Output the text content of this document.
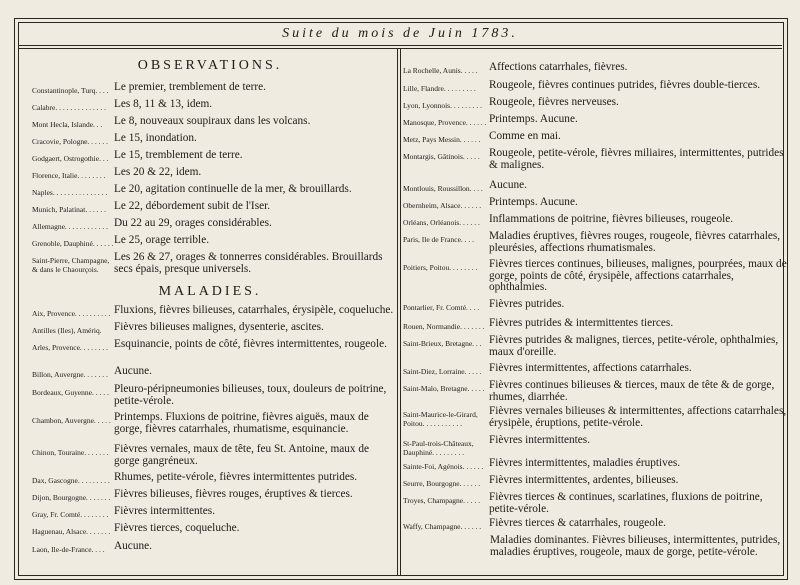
Suite du mois de Juin 1783.
OBSERVATIONS.
Constantinople, Turq. . . . Le premier, tremblement de terre.
Calabre. . . . . . . . . . . . . . Les 8, 11 & 13, idem.
Mont Hecla, Islande. . .	Le 8, nouveaux soupiraux dans les volcans.
Cracovie, Pologne. . . . . . Le 15, inondation.
Godgaert, Ostrogothie. . . Le 15, tremblement de terre.
Florence, Italie. . . . . . . . Les 20 & 22, idem.
Naples. . . . . . . . . . . . . . . Le 20, agitation continuelle de la mer, & brouillards.
Munich, Palatinat. . . . . . Le 22, débordement subit de l'Iser.
Allemagne. . . . . . . . . . . . Du 22 au 29, orages considérables.
Grenoble, Dauphiné. . . . . . Le 25, orage terrible.
Saint-Pierre, Champagne, & dans le Chaourçois.
Les 26 & 27, orages & tonnerres considérables. Brouillards secs épais, presque universels.
MALADIES.
Aix, Provence. . . . . . . . . . Fluxions, fièvres bilieuses, catarrhales, érysipèle, coqueluche.
Antilles (Iles), Amériq.	Fièvres bilieuses malignes, dysenterie, ascites.
Arles, Provence. . . . . . . . Esquinancie, points de côté, fièvres intermittentes, rougeole.
Billon, Auvergne. . . . . . . Aucune.
Bordeaux, Guyenne. . . . . Pleuro-péripneumonies bilieuses, toux, douleurs de poitrine, petite-vérole.
Chambon, Auvergne. . . . . Printemps. Fluxions de poitrine, fièvres aiguës, maux de gorge, fièvres catarrhales, rhumatisme, esquinancie.
Chinon, Touraine. . . . . . . Fièvres vernales, maux de tête, feu St. Antoine, maux de gorge gangréneux.
Dax, Gascogne. . . . . . . . . Rhumes, petite-vérole, fièvres intermittentes putrides.
Dijon, Bourgogne. . . . . . . Fièvres bilieuses, fièvres rouges, éruptives & tierces.
Gray, Fr. Comté. . . . . . . . Fièvres intermittentes.
Haguenau, Alsace. . . . . . . Fièvres tierces, coqueluche.
Laon, Ile-de-France. . . . Aucune.
La Rochelle, Aunis. . . . .	Affections catarrhales, fièvres.
Lille, Flandre. . . . . . . . .	Rougeole, fièvres continues putrides, fièvres double-tierces.
Lyon, Lyonnois. . . . . . . . . Rougeole, fièvres nerveuses.
Manosque, Provence. . . . . . Printemps. Aucune.
Metz, Pays Messin. . . . . . Comme en mai.
Montargis, Gâtinois. . . . . Rougeole, petite-vérole, fièvres miliaires, intermittentes, putrides & malignes.
Montlouis, Roussillon. . . . Aucune.
Obernheim, Alsace. . . . . . Printemps. Aucune.
Orléans, Orléanois. . . . . . Inflammations de poitrine, fièvres bilieuses, rougeole.
Paris, Ile de France. . . .	Maladies éruptives, fièvres rouges, rougeole, fièvres catarrhales, pleurésies, affections rhumatismales.
Poitiers, Poitou. . . . . . . .	Fièvres tierces continues, bilieuses, malignes, pourprées, maux de gorge, points de côté, érysipèle, affections catarrhales, ophthalmies.
Pontarlier, Fr. Comté. . . . Fièvres putrides.
Rouen, Normandie. . . . . . . Fièvres putrides & intermittentes tierces.
Saint-Brieux, Bretagne. . . Fièvres putrides & malignes, tierces, petite-vérole, ophthalmies, maux d'oreille.
Saint-Diez, Lorraine. . . . . Fièvres intermittentes, affections catarrhales.
Saint-Malo, Bretagne. . . . . Fièvres continues bilieuses & tierces, maux de tête & de gorge, rhumes, diarrhée.
Saint-Maurice-le-Girard, Poitou. . . . . . . . . . .
Fièvres vernales bilieuses & intermittentes, affections catarrhales, érysipèle, éruptions, petite-vérole.
St-Paul-trois-Châteaux, Dauphiné. . . . . . . . .
Fièvres intermittentes.
Sainte-Foi, Agénois. . . . . . Fièvres intermittentes, maladies éruptives.
Seurre, Bourgogne. . . . . . Fièvres intermittentes, ardentes, bilieuses.
Troyes, Champagne. . . . . Fièvres tierces & continues, scarlatines, fluxions de poitrine, petite-vérole.
Waffy, Champagne. . . . . . Fièvres tierces & catarrhales, rougeole.
Maladies dominantes. Fièvres bilieuses, intermittentes, putrides, maladies éruptives, rougeole, maux de gorge, petite-vérole.
